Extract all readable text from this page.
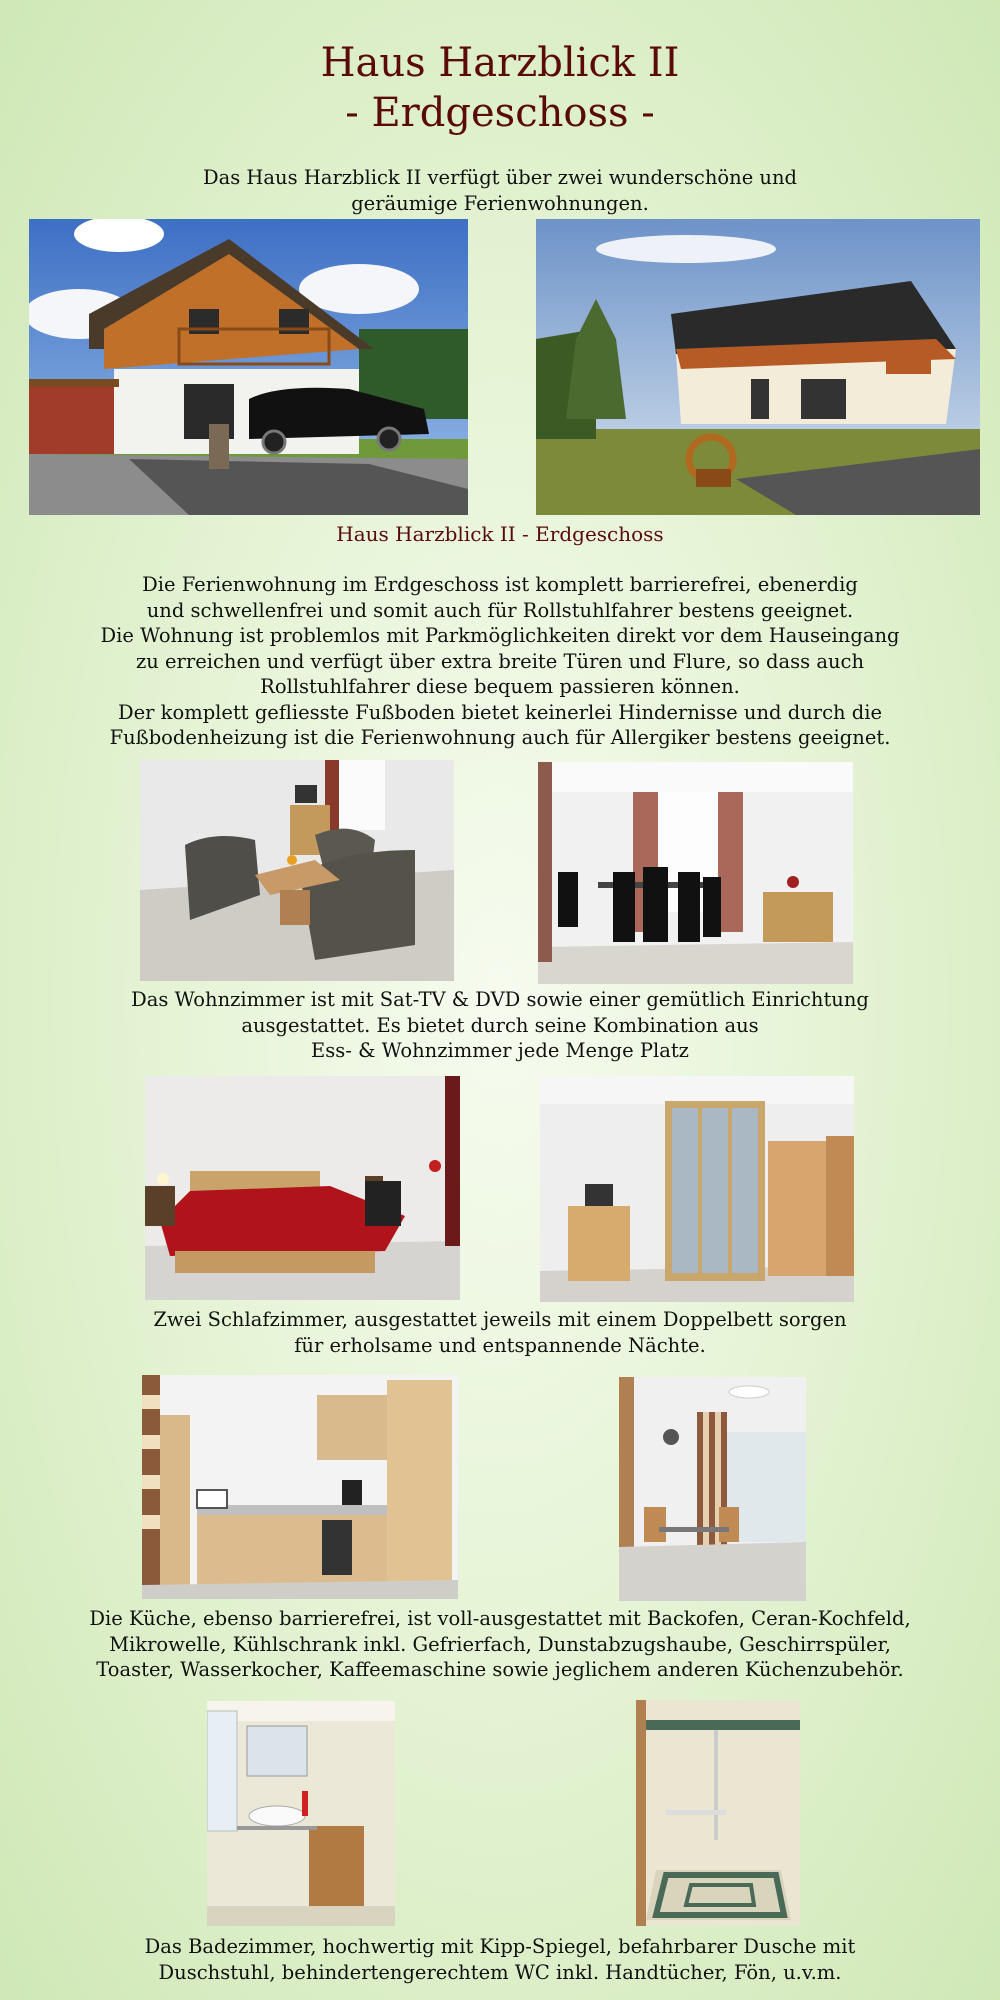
Haus Harzblick II
- Erdgeschoss -

Das Haus Harzblick II verfügt über zwei wunderschöne und
geräumige Ferienwohnungen.

Haus Harzblick II - Erdgeschoss

Die Ferienwohnung im Erdgeschoss ist komplett barrierefrei, ebenerdig
und schwellenfrei und somit auch für Rollstuhlfahrer bestens geeignet.
Die Wohnung ist problemlos mit Parkmöglichkeiten direkt vor dem Hauseingang
zu erreichen und verfügt über extra breite Türen und Flure, so dass auch
Rollstuhlfahrer diese bequem passieren können.
Der komplett gefliesste Fußboden bietet keinerlei Hindernisse und durch die
Fußbodenheizung ist die Ferienwohnung auch für Allergiker bestens geeignet.

Das Wohnzimmer ist mit Sat-TV & DVD sowie einer gemütlich Einrichtung
ausgestattet. Es bietet durch seine Kombination aus
Ess- & Wohnzimmer jede Menge Platz

Zwei Schlafzimmer, ausgestattet jeweils mit einem Doppelbett sorgen
für erholsame und entspannende Nächte.

Die Küche, ebenso barrierefrei, ist voll-ausgestattet mit Backofen, Ceran-Kochfeld,
Mikrowelle, Kühlschrank inkl. Gefrierfach, Dunstabzugshaube, Geschirrspüler,
Toaster, Wasserkocher, Kaffeemaschine sowie jeglichem anderen Küchenzubehör.

Das Badezimmer, hochwertig mit Kipp-Spiegel, befahrbarer Dusche mit
Duschstuhl, behindertengerechtem WC inkl. Handtücher, Fön, u.v.m.
